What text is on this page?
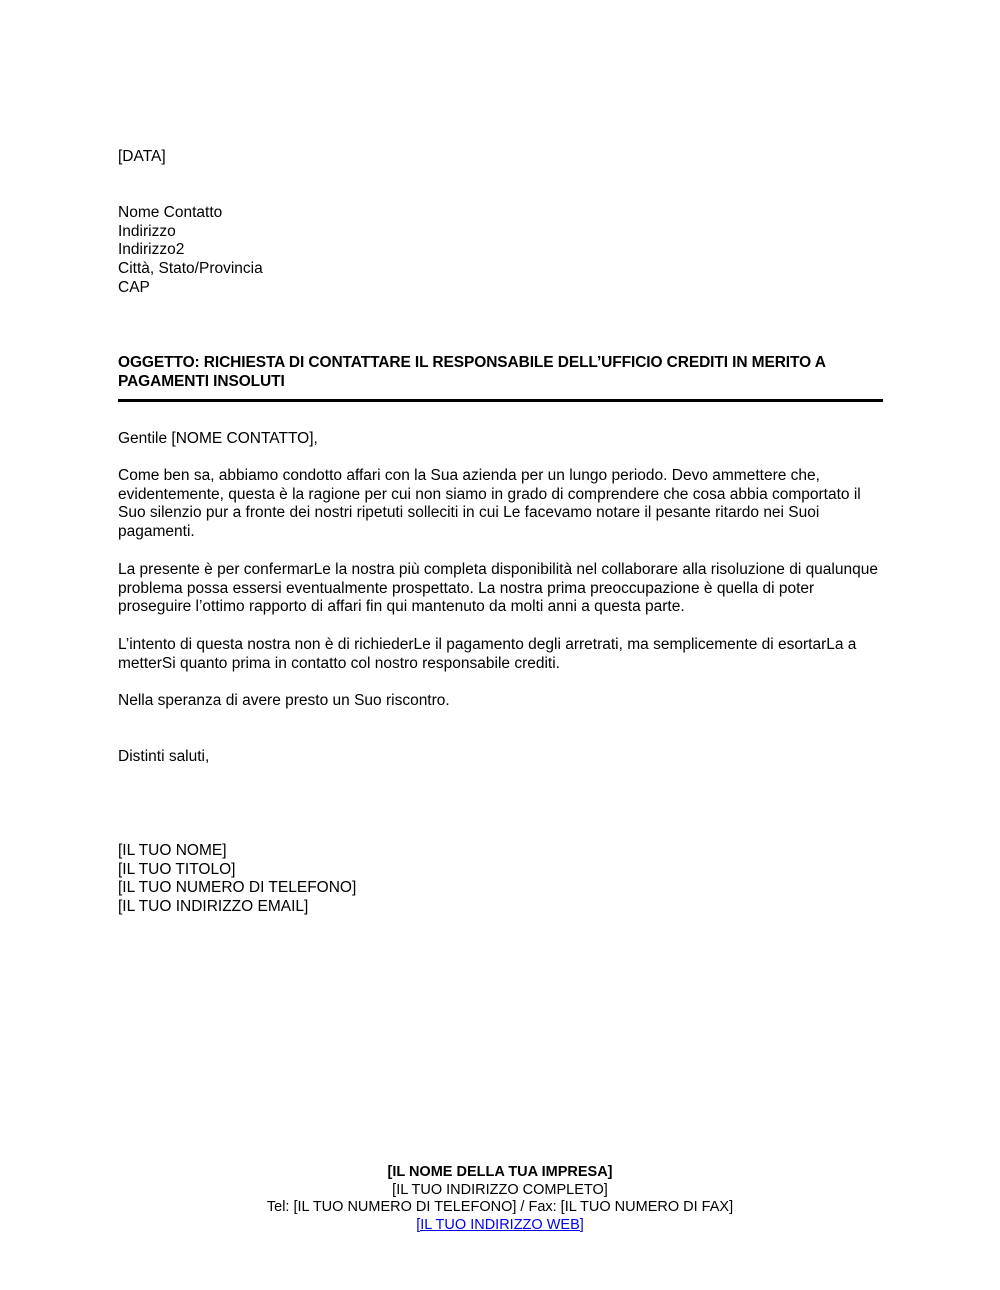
[DATA]
Nome Contatto
Indirizzo
Indirizzo2
Città, Stato/Provincia
CAP
OGGETTO: RICHIESTA DI CONTATTARE IL RESPONSABILE DELL’UFFICIO CREDITI IN MERITO A PAGAMENTI INSOLUTI
Gentile [NOME CONTATTO],
Come ben sa, abbiamo condotto affari con la Sua azienda per un lungo periodo. Devo ammettere che, evidentemente, questa è la ragione per cui non siamo in grado di comprendere che cosa abbia comportato il Suo silenzio pur a fronte dei nostri ripetuti solleciti in cui Le facevamo notare il pesante ritardo nei Suoi pagamenti.
La presente è per confermarLe la nostra più completa disponibilità nel collaborare alla risoluzione di qualunque problema possa essersi eventualmente prospettato. La nostra prima preoccupazione è quella di poter proseguire l’ottimo rapporto di affari fin qui mantenuto da molti anni a questa parte.
L’intento di questa nostra non è di richiederLe il pagamento degli arretrati, ma semplicemente di esortarLa a metterSi quanto prima in contatto col nostro responsabile crediti.
Nella speranza di avere presto un Suo riscontro.
Distinti saluti,
[IL TUO NOME]
[IL TUO TITOLO]
[IL TUO NUMERO DI TELEFONO]
[IL TUO INDIRIZZO EMAIL]
[IL NOME DELLA TUA IMPRESA]
[IL TUO INDIRIZZO COMPLETO]
Tel: [IL TUO NUMERO DI TELEFONO] / Fax: [IL TUO NUMERO DI FAX]
[IL TUO INDIRIZZO WEB]
